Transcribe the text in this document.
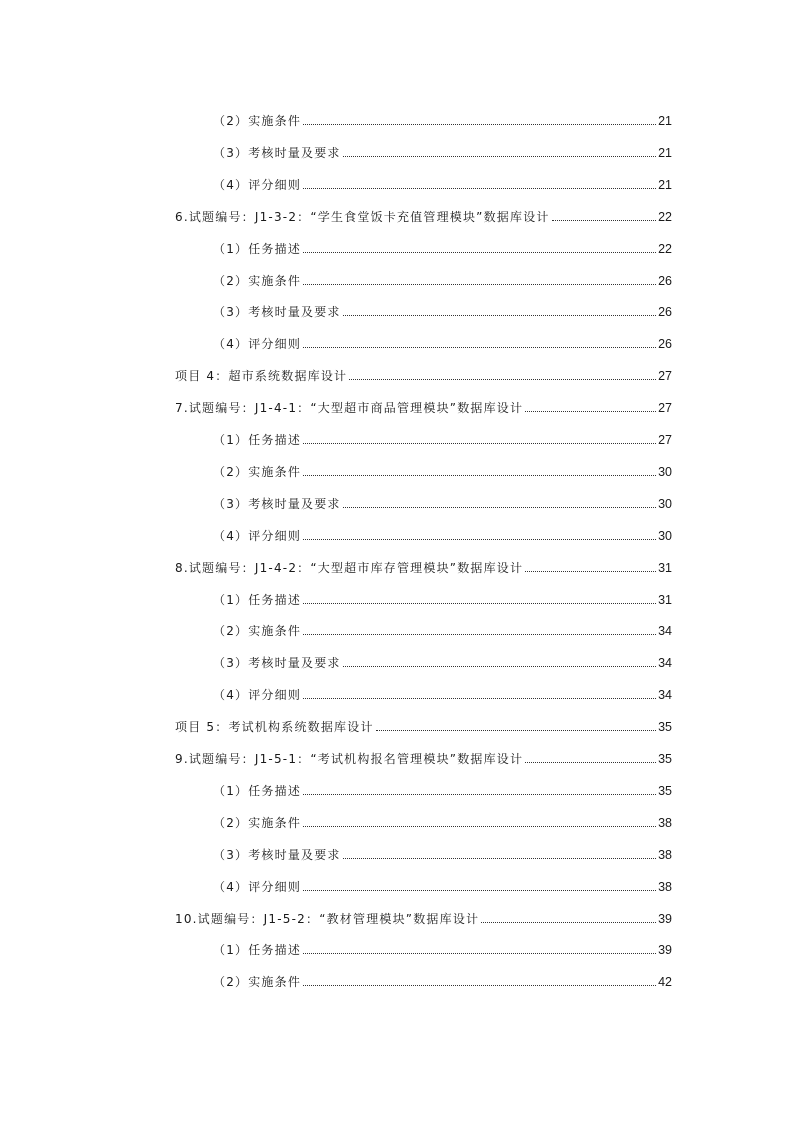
（2）实施条件	21
（3）考核时量及要求	21
（4）评分细则	21
6.试题编号：J1-3-2：“学生食堂饭卡充值管理模块”数据库设计	22
（1）任务描述	22
（2）实施条件	26
（3）考核时量及要求	26
（4）评分细则	26
项目 4：超市系统数据库设计	27
7.试题编号：J1-4-1：“大型超市商品管理模块”数据库设计	27
（1）任务描述	27
（2）实施条件	30
（3）考核时量及要求	30
（4）评分细则	30
8.试题编号：J1-4-2：“大型超市库存管理模块”数据库设计	31
（1）任务描述	31
（2）实施条件	34
（3）考核时量及要求	34
（4）评分细则	34
项目 5：考试机构系统数据库设计	35
9.试题编号：J1-5-1：“考试机构报名管理模块”数据库设计	35
（1）任务描述	35
（2）实施条件	38
（3）考核时量及要求	38
（4）评分细则	38
10.试题编号：J1-5-2：“教材管理模块”数据库设计	39
（1）任务描述	39
（2）实施条件	42
